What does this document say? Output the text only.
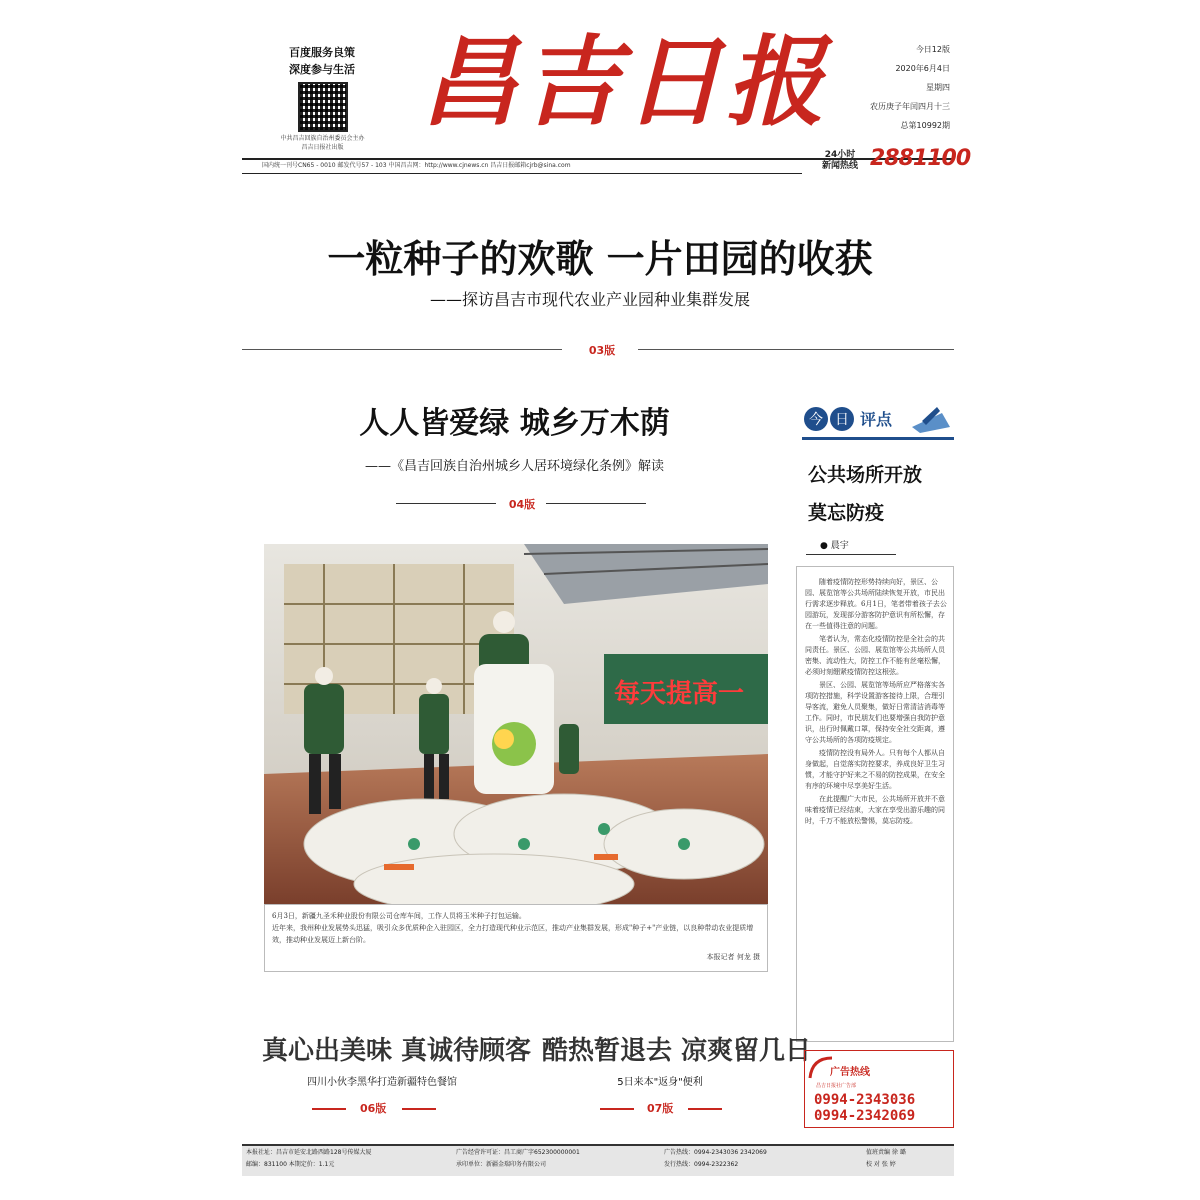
百度服务良策
深度参与生活
中共昌吉回族自治州委员会主办
昌吉日报社出版
昌吉日报	今日12版
2020年6月4日
星期四
农历庚子年闰四月十三
总第10992期
国内统一刊号CN65 - 0010 邮发代号57 - 103 中国昌吉网：http://www.cjnews.cn 昌吉日报邮箱cjrb@sina.com
24小时
新闻热线 2881100
一粒种子的欢歌 一片田园的收获
——探访昌吉市现代农业产业园种业集群发展
03版
人人皆爱绿 城乡万木荫
——《昌吉回族自治州城乡人居环境绿化条例》解读
04版
每天提高一
6月3日，新疆九圣禾种业股份有限公司仓库车间，工作人员将玉米种子打包运输。
近年来，我州种业发展势头迅猛，吸引众多优质种企入驻园区，全力打造现代种业示范区，推动产业集群发展，形成"种子+"产业链，以良种带动农业提质增效，推动种业发展迈上新台阶。
本报记者 何龙 摄
今 日 评点
公共场所开放
莫忘防疫
● 晨宇

随着疫情防控形势持续向好，景区、公园、展览馆等公共场所陆续恢复开放，市民出行需求逐步释放。6月1日，笔者带着孩子去公园游玩，发现部分游客防护意识有所松懈，存在一些值得注意的问题。

笔者认为，常态化疫情防控是全社会的共同责任。景区、公园、展览馆等公共场所人员密集、流动性大，防控工作不能有丝毫松懈，必须时刻绷紧疫情防控这根弦。

景区、公园、展览馆等场所应严格落实各项防控措施，科学设置游客接待上限，合理引导客流，避免人员聚集，做好日常清洁消毒等工作。同时，市民朋友们也要增强自我防护意识，出行时佩戴口罩，保持安全社交距离，遵守公共场所的各项防疫规定。

疫情防控没有局外人。只有每个人都从自身做起，自觉落实防控要求，养成良好卫生习惯，才能守护好来之不易的防控成果，在安全有序的环境中尽享美好生活。

在此提醒广大市民，公共场所开放并不意味着疫情已经结束，大家在享受出游乐趣的同时，千万不能放松警惕，莫忘防疫。

真心出美味 真诚待顾客
四川小伙李黑华打造新疆特色餐馆
06版
酷热暂退去 凉爽留几日
5日来本"返身"便利
07版
广告热线
昌吉日报社广告部
0994-2343036
0994-2342069
本报社址：昌吉市延安北路西路128号传媒大厦
邮编：831100 本期定价：1.1元
广告经营许可证：昌工商广字652300000001
承印单位：新疆金瑞印务有限公司
广告热线：0994-2343036 2342069
发行热线：0994-2322362
值班责编 徐 璐
校 对 张 婷
